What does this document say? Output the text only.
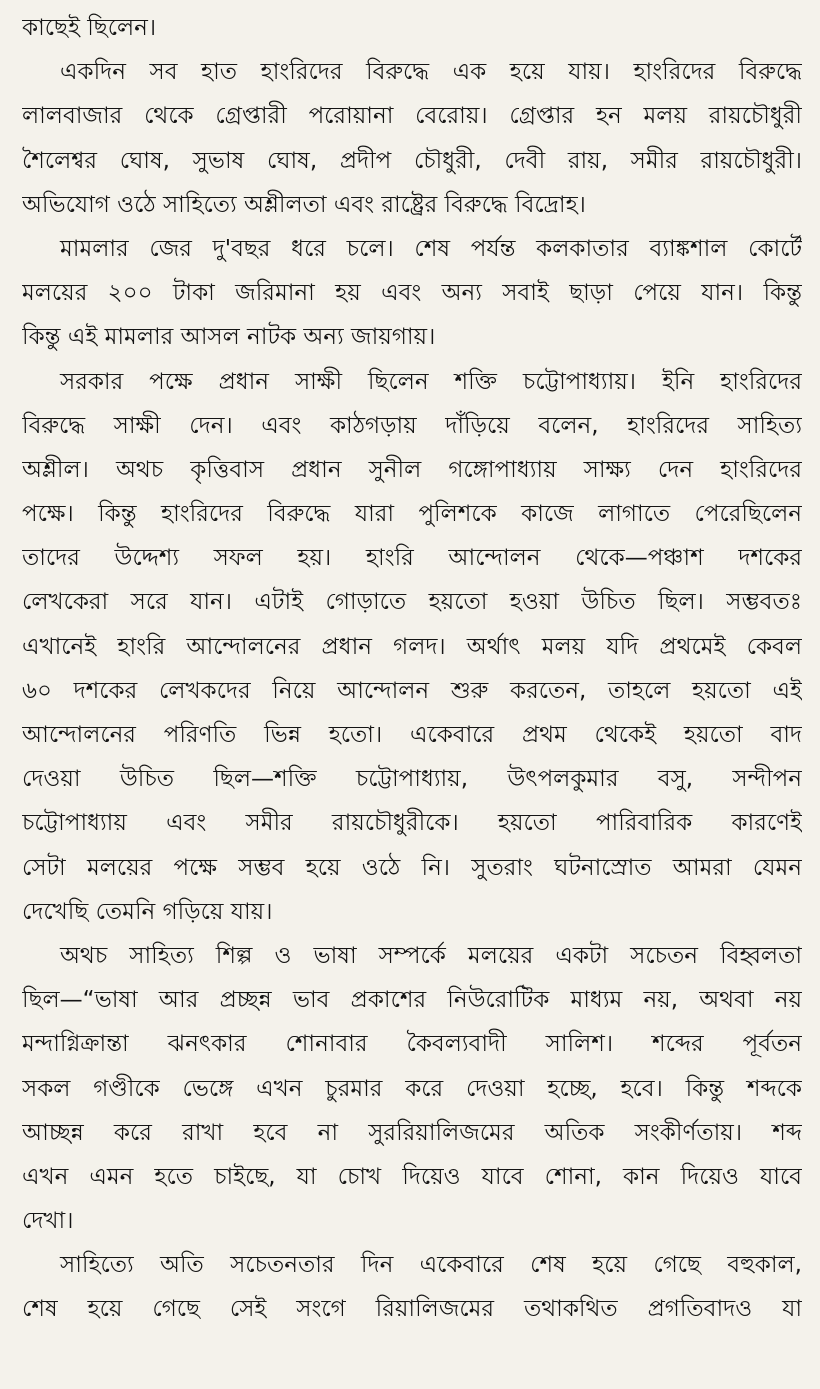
কাছেই ছিলেন।
একদিন সব হাত হাংরিদের বিরুদ্ধে এক হয়ে যায়। হাংরিদের বিরুদ্ধে
লালবাজার থেকে গ্রেপ্তারী পরোয়ানা বেরোয়। গ্রেপ্তার হন মলয় রায়চৌধুরী
শৈলেশ্বর ঘোষ, সুভাষ ঘোষ, প্রদীপ চৌধুরী, দেবী রায়, সমীর রায়চৌধুরী।
অভিযোগ ওঠে সাহিত্যে অশ্লীলতা এবং রাষ্ট্রের বিরুদ্ধে বিদ্রোহ।
মামলার জের দু'বছর ধরে চলে। শেষ পর্যন্ত কলকাতার ব্যাঙ্কশাল কোর্টে
মলয়ের ২০০ টাকা জরিমানা হয় এবং অন্য সবাই ছাড়া পেয়ে যান। কিন্তু
কিন্তু এই মামলার আসল নাটক অন্য জায়গায়।
সরকার পক্ষে প্রধান সাক্ষী ছিলেন শক্তি চট্টোপাধ্যায়। ইনি হাংরিদের
বিরুদ্ধে সাক্ষী দেন। এবং কাঠগড়ায় দাঁড়িয়ে বলেন, হাংরিদের সাহিত্য
অশ্লীল। অথচ কৃত্তিবাস প্রধান সুনীল গঙ্গোপাধ্যায় সাক্ষ্য দেন হাংরিদের
পক্ষে। কিন্তু হাংরিদের বিরুদ্ধে যারা পুলিশকে কাজে লাগাতে পেরেছিলেন
তাদের উদ্দেশ্য সফল হয়। হাংরি আন্দোলন থেকে—পঞ্চাশ দশকের
লেখকেরা সরে যান। এটাই গোড়াতে হয়তো হওয়া উচিত ছিল। সম্ভবতঃ
এখানেই হাংরি আন্দোলনের প্রধান গলদ। অর্থাৎ মলয় যদি প্রথমেই কেবল
৬০ দশকের লেখকদের নিয়ে আন্দোলন শুরু করতেন, তাহলে হয়তো এই
আন্দোলনের পরিণতি ভিন্ন হতো। একেবারে প্রথম থেকেই হয়তো বাদ
দেওয়া উচিত ছিল—শক্তি চট্টোপাধ্যায়, উৎপলকুমার বসু, সন্দীপন
চট্টোপাধ্যায় এবং সমীর রায়চৌধুরীকে। হয়তো পারিবারিক কারণেই
সেটা মলয়ের পক্ষে সম্ভব হয়ে ওঠে নি। সুতরাং ঘটনাস্রোত আমরা যেমন
দেখেছি তেমনি গড়িয়ে যায়।
অথচ সাহিত্য শিল্প ও ভাষা সম্পর্কে মলয়ের একটা সচেতন বিহ্বলতা
ছিল—“ভাষা আর প্রচ্ছন্ন ভাব প্রকাশের নিউরোটিক মাধ্যম নয়, অথবা নয়
মন্দাগ্নিক্রান্তা ঝনৎকার শোনাবার কৈবল্যবাদী সালিশ। শব্দের পূর্বতন
সকল গণ্ডীকে ভেঙ্গে এখন চুরমার করে দেওয়া হচ্ছে, হবে। কিন্তু শব্দকে
আচ্ছন্ন করে রাখা হবে না সুররিয়ালিজমের অতিক সংকীর্ণতায়। শব্দ
এখন এমন হতে চাইছে, যা চোখ দিয়েও যাবে শোনা, কান দিয়েও যাবে
দেখা।
সাহিত্যে অতি সচেতনতার দিন একেবারে শেষ হয়ে গেছে বহুকাল,
শেষ হয়ে গেছে সেই সংগে রিয়ালিজমের তথাকথিত প্রগতিবাদও যা
